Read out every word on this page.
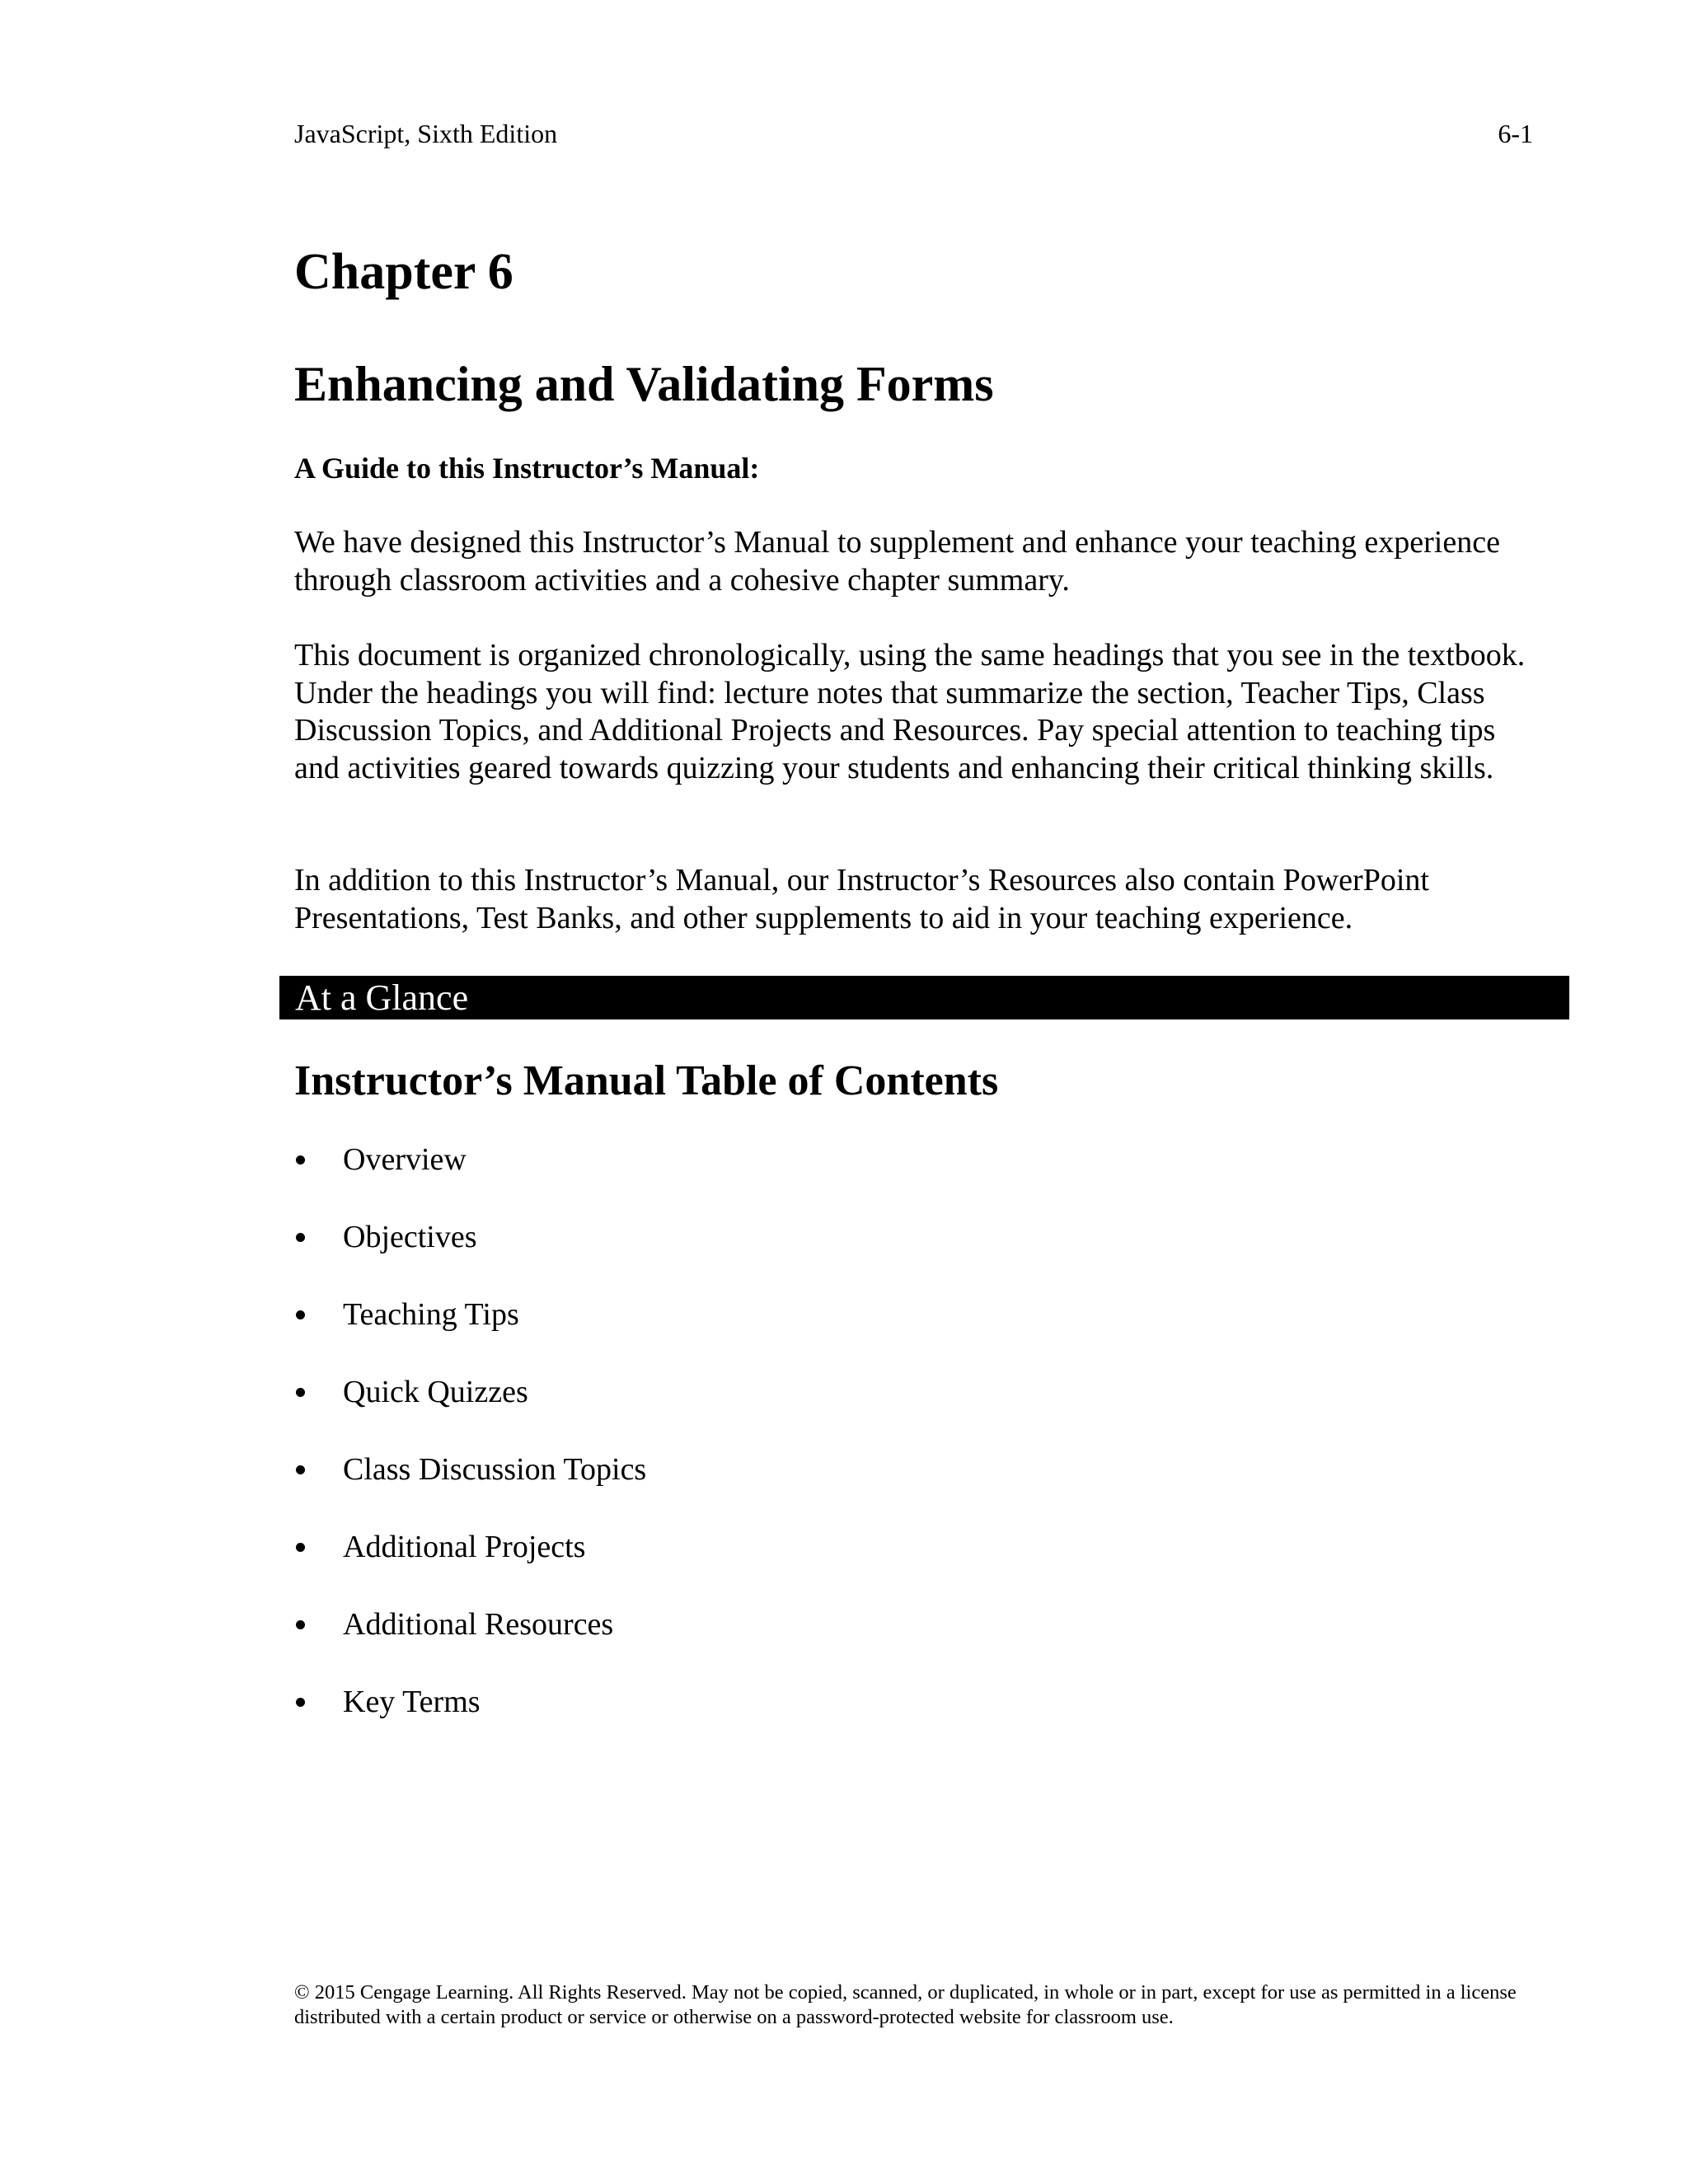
JavaScript, Sixth Edition	6-1
Chapter 6
Enhancing and Validating Forms
A Guide to this Instructor’s Manual:

We have designed this Instructor’s Manual to supplement and enhance your teaching experience through classroom activities and a cohesive chapter summary.

This document is organized chronologically, using the same headings that you see in the textbook. Under the headings you will find: lecture notes that summarize the section, Teacher Tips, Class Discussion Topics, and Additional Projects and Resources. Pay special attention to teaching tips and activities geared towards quizzing your students and enhancing their critical thinking skills.

In addition to this Instructor’s Manual, our Instructor’s Resources also contain PowerPoint Presentations, Test Banks, and other supplements to aid in your teaching experience.

At a Glance
Instructor’s Manual Table of Contents
Overview
Objectives
Teaching Tips
Quick Quizzes
Class Discussion Topics
Additional Projects
Additional Resources
Key Terms

© 2015 Cengage Learning. All Rights Reserved. May not be copied, scanned, or duplicated, in whole or in part, except for use as permitted in a license distributed with a certain product or service or otherwise on a password-protected website for classroom use.
